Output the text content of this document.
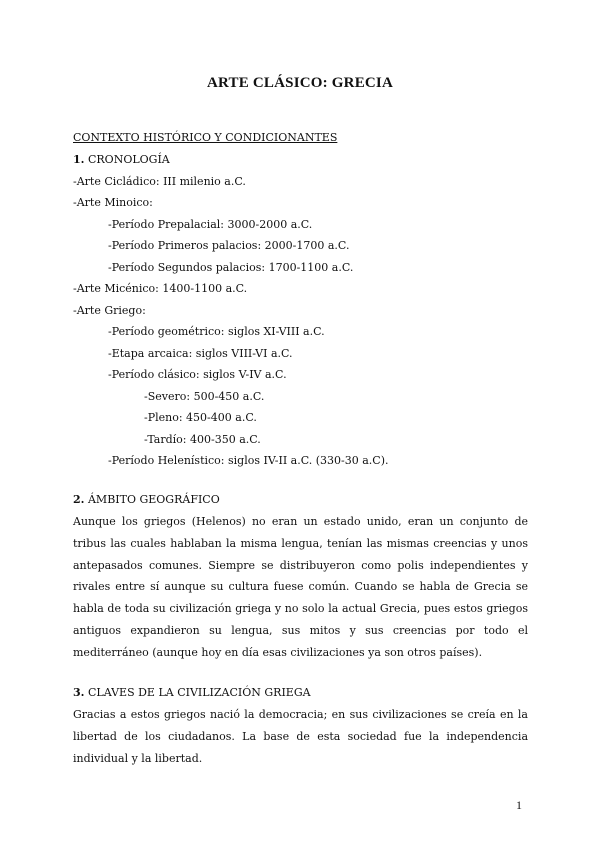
ARTE CLÁSICO: GRECIA
CONTEXTO HISTÓRICO Y CONDICIONANTES
1. CRONOLOGÍA
-Arte Cicládico: III milenio a.C.
-Arte Minoico:
-Período Prepalacial: 3000-2000 a.C.
-Período Primeros palacios: 2000-1700 a.C.
-Período Segundos palacios: 1700-1100 a.C.
-Arte Micénico: 1400-1100 a.C.
-Arte Griego:
-Período geométrico: siglos XI-VIII a.C.
-Etapa arcaica: siglos VIII-VI a.C.
-Período clásico: siglos V-IV a.C.
-Severo: 500-450 a.C.
-Pleno: 450-400 a.C.
-Tardío: 400-350 a.C.
-Período Helenístico: siglos IV-II a.C. (330-30 a.C).
2. ÁMBITO GEOGRÁFICO
Aunque los griegos (Helenos) no eran un estado unido, eran un conjunto de tribus las cuales hablaban la misma lengua, tenían las mismas creencias y unos antepasados comunes. Siempre se distribuyeron como polis independientes y rivales entre sí aunque su cultura fuese común. Cuando se habla de Grecia se habla de toda su civilización griega y no solo la actual Grecia, pues estos griegos antiguos expandieron su lengua, sus mitos y sus creencias por todo el mediterráneo (aunque hoy en día esas civilizaciones ya son otros países).
3. CLAVES DE LA CIVILIZACIÓN GRIEGA
Gracias a estos griegos nació la democracia; en sus civilizaciones se creía en la libertad de los ciudadanos. La base de esta sociedad fue la independencia individual y la libertad.
1
